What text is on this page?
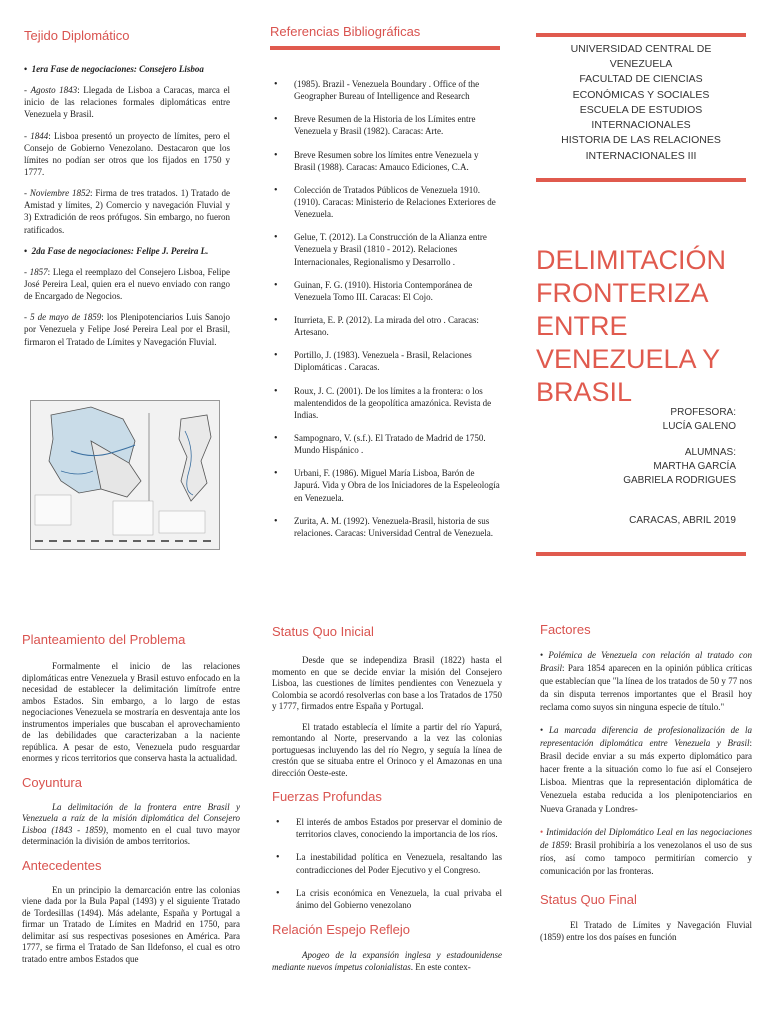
Tejido Diplomático

•  1era Fase de negociaciones: Consejero Lisboa

- Agosto 1843: Llegada de Lisboa a Caracas, marca el inicio de las relaciones formales diplomáticas entre Venezuela y Brasil.

- 1844: Lisboa presentó un proyecto de límites, pero el Consejo de Gobierno Venezolano. Destacaron que los límites no podían ser otros que los fijados en 1750 y 1777.

- Noviembre 1852: Firma de tres tratados. 1) Tratado de Amistad y límites, 2) Comercio y navegación Fluvial y 3) Extradición de reos prófugos. Sin embargo, no fueron ratificados.

•  2da Fase de negociaciones: Felipe J. Pereira L.

- 1857: Llega el reemplazo del Consejero Lisboa, Felipe José Pereira Leal, quien era el nuevo enviado con rango de Encargado de Negocios.

- 5 de mayo de 1859: los Plenipotenciarios Luis Sanojo por Venezuela y Felipe José Pereira Leal por el Brasil, firmaron el Tratado de Límites y Navegación Fluvial.

Referencias Bibliográficas
• (1985). Brazil - Venezuela Boundary . Office of the Geographer Bureau of Intelligence and Research
• Breve Resumen de la Historia de los Límites entre Venezuela y Brasil (1982). Caracas: Arte.
• Breve Resumen sobre los límites entre Venezuela y Brasil (1988). Caracas: Amauco Ediciones, C.A.
• Colección de Tratados Públicos de Venezuela 1910. (1910). Caracas: Ministerio de Relaciones Exteriores de Venezuela.
• Gelue, T. (2012). La Construcción de la Alianza entre Venezuela y Brasil (1810 - 2012). Relaciones Internacionales, Regionalismo y Desarrollo .
• Guinan, F. G. (1910). Historia Contemporánea de Venezuela Tomo III. Caracas: El Cojo.
• Iturrieta, E. P. (2012). La mirada del otro . Caracas: Artesano.
• Portillo, J. (1983). Venezuela - Brasil, Relaciones Diplomáticas . Caracas.
• Roux, J. C. (2001). De los límites a la frontera: o los malentendidos de la geopolítica amazónica. Revista de Indias.
• Sampognaro, V. (s.f.). El Tratado de Madrid de 1750. Mundo Hispánico .
• Urbani, F. (1986). Miguel María Lisboa, Barón de Japurá. Vida y Obra de los Iniciadores de la Espeleología en Venezuela.
• Zurita, A. M. (1992). Venezuela-Brasil, historia de sus relaciones. Caracas: Universidad Central de Venezuela.
UNIVERSIDAD CENTRAL DE
VENEZUELA
FACULTAD DE CIENCIAS
ECONÓMICAS Y SOCIALES
ESCUELA DE ESTUDIOS
INTERNACIONALES
HISTORIA DE LAS RELACIONES
INTERNACIONALES III
DELIMITACIÓN
FRONTERIZA
ENTRE
VENEZUELA Y
BRASIL
PROFESORA:
LUCÍA GALENO
ALUMNAS:
MARTHA GARCÍA
GABRIELA RODRIGUES
CARACAS, ABRIL 2019
Planteamiento del Problema

Formalmente el inicio de las relaciones diplomáticas entre Venezuela y Brasil estuvo enfocado en la necesidad de establecer la delimitación limítrofe entre ambos Estados. Sin embargo, a lo largo de estas negociaciones Venezuela se mostraría en desventaja ante los instrumentos imperiales que buscaban el aprovechamiento de las debilidades que caracterizaban a la naciente república. A pesar de esto, Venezuela pudo resguardar enormes y ricos territorios que conserva hasta la actualidad.

Coyuntura

La delimitación de la frontera entre Brasil y Venezuela a raíz de la misión diplomática del Consejero Lisboa (1843 - 1859), momento en el cual tuvo mayor determinación la división de ambos territorios.

Antecedentes

En un principio la demarcación entre las colonias viene dada por la Bula Papal (1493) y el siguiente Tratado de Tordesillas (1494). Más adelante, España y Portugal a firmar un Tratado de Límites en Madrid en 1750, para delimitar así sus respectivas posesiones en América. Para 1777, se firma el Tratado de San Ildefonso, el cual es otro tratado entre ambos Estados que

Status Quo Inicial

Desde que se independiza Brasil (1822) hasta el momento en que se decide enviar la misión del Consejero Lisboa, las cuestiones de límites pendientes con Venezuela y Colombia se acordó resolverlas con base a los Tratados de 1750 y 1777, firmados entre España y Portugal.

El tratado establecía el límite a partir del río Yapurá, remontando al Norte, preservando a la vez las colonias portuguesas incluyendo las del río Negro, y seguía la línea de crestón que se situaba entre el Orinoco y el Amazonas en una dirección Oeste-este.

Fuerzas Profundas
• El interés de ambos Estados por preservar el dominio de territorios claves, conociendo la importancia de los ríos.
• La inestabilidad política en Venezuela, resaltando las contradicciones del Poder Ejecutivo y el Congreso.
• La crisis económica en Venezuela, la cual privaba el ánimo del Gobierno venezolano
Relación Espejo Reflejo

Apogeo de la expansión inglesa y estadounidense mediante nuevos ímpetus colonialistas. En este contex-

Factores

• Polémica de Venezuela con relación al tratado con Brasil: Para 1854 aparecen en la opinión pública críticas que establecían que "la línea de los tratados de 50 y 77 nos da sin disputa terrenos importantes que el Brasil hoy reclama como suyos sin ninguna especie de título."

• La marcada diferencia de profesionalización de la representación diplomática entre Venezuela y Brasil: Brasil decide enviar a su más experto diplomático para hacer frente a la situación como lo fue así el Consejero Lisboa. Mientras que la representación diplomática de Venezuela estaba reducida a los plenipotenciarios en Nueva Granada y Londres-

• Intimidación del Diplomático Leal en las negociaciones de 1859: Brasil prohibiría a los venezolanos el uso de sus ríos, así como tampoco permitirían comercio y comunicación por las fronteras.

Status Quo Final

El Tratado de Límites y Navegación Fluvial (1859) entre los dos países en función
